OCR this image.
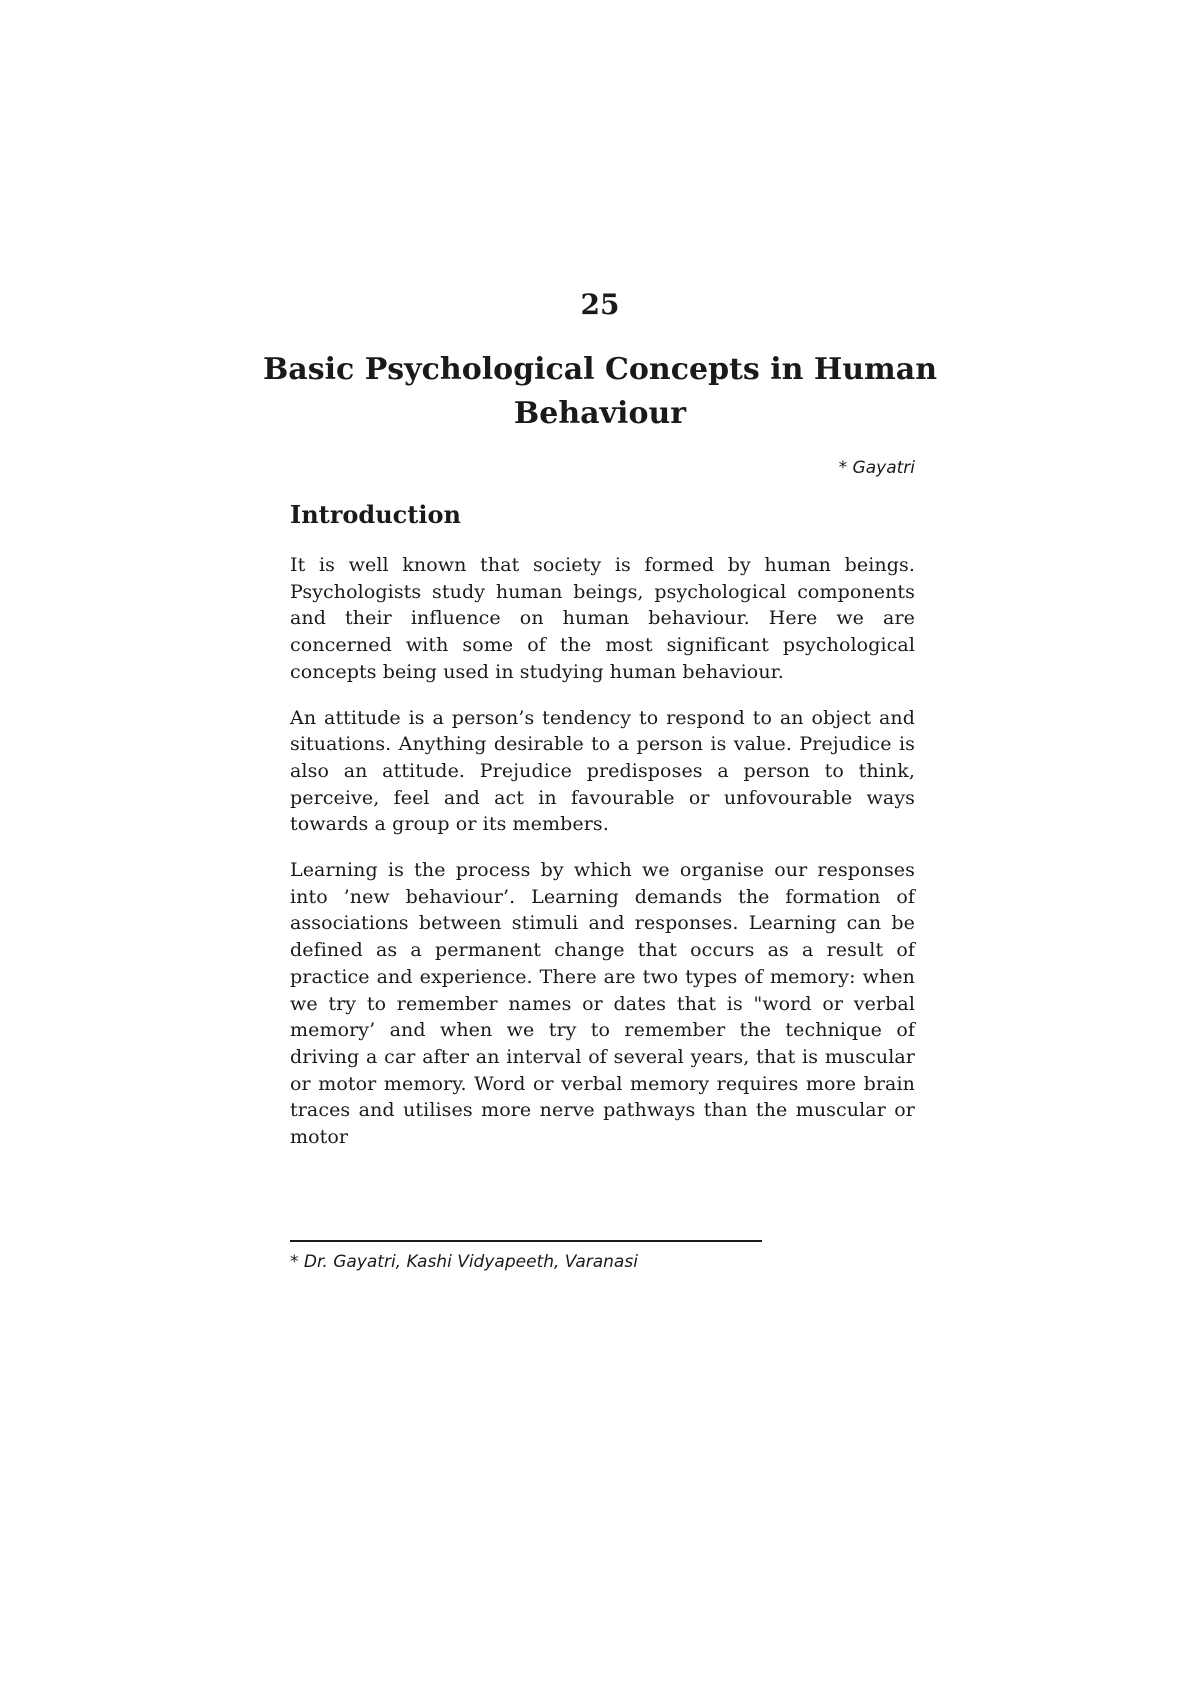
25
Basic Psychological Concepts in Human Behaviour

* Gayatri

Introduction

It is well known that society is formed by human beings. Psychologists study human beings, psychological components and their influence on human behaviour. Here we are concerned with some of the most significant psychological concepts being used in studying human behaviour.

An attitude is a person’s tendency to respond to an object and situations. Anything desirable to a person is value. Prejudice is also an attitude. Prejudice predisposes a person to think, perceive, feel and act in favourable or unfovourable ways towards a group or its members.

Learning is the process by which we organise our responses into ’new behaviour’. Learning demands the formation of associations between stimuli and responses. Learning can be defined as a permanent change that occurs as a result of practice and experience. There are two types of memory: when we try to remember names or dates that is "word or verbal memory’ and when we try to remember the technique of driving a car after an interval of several years, that is muscular or motor memory. Word or verbal memory requires more brain traces and utilises more nerve pathways than the muscular or motor

* Dr. Gayatri, Kashi Vidyapeeth, Varanasi
